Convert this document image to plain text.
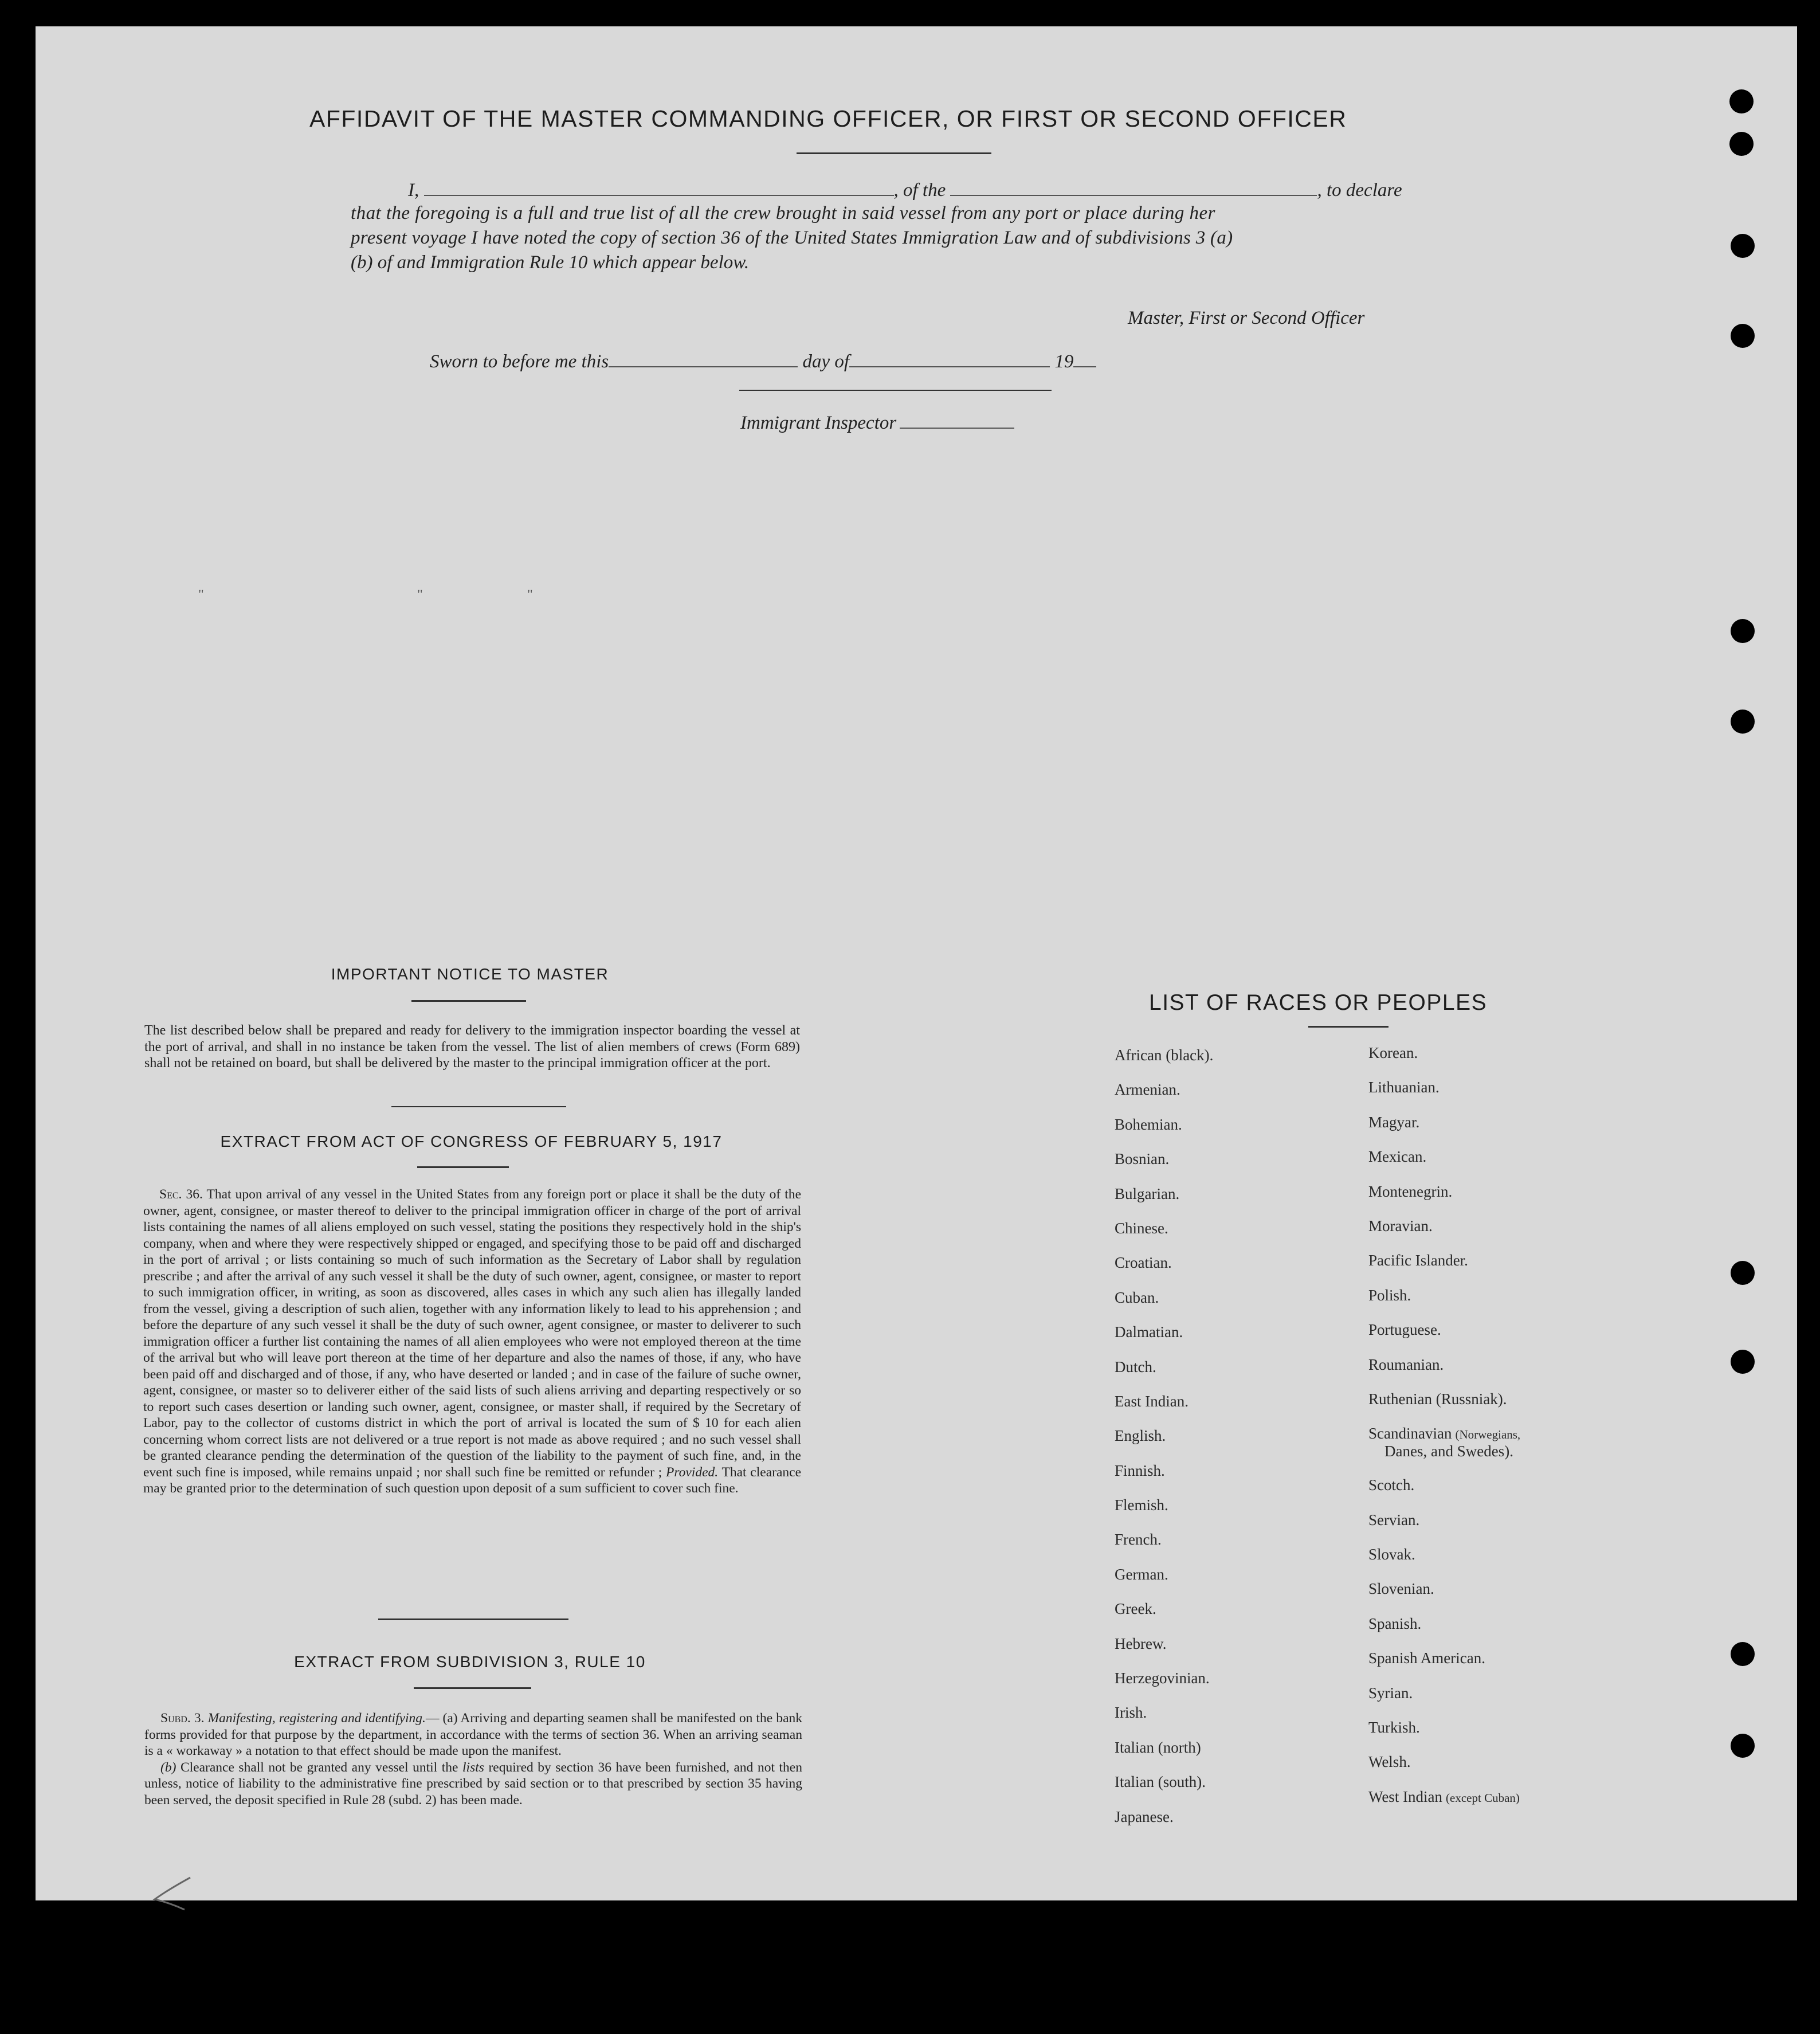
AFFIDAVIT OF THE MASTER COMMANDING OFFICER, OR FIRST OR SECOND OFFICER
I,	, of the	, to declare
that the foregoing is a full and true list of all the crew brought in said vessel from any port or place during her
present voyage I have noted the copy of section 36 of the United States Immigration Law and of subdivisions 3 (a)
(b) of and Immigration Rule 10 which appear below.
Master, First or Second Officer
Sworn to before me this	day of	19
Immigrant Inspector
"	"	"
IMPORTANT NOTICE TO MASTER
The list described below shall be prepared and ready for delivery to the immigration inspector boarding the vessel at the port of arrival, and shall in no instance be taken from the vessel. The list of alien members of crews (Form 689) shall not be retained on board, but shall be delivered by the master to the principal immigration officer at the port.
EXTRACT FROM ACT OF CONGRESS OF FEBRUARY 5, 1917
Sec. 36. That upon arrival of any vessel in the United States from any foreign port or place it shall be the duty of the owner, agent, consignee, or master thereof to deliver to the principal immigration officer in charge of the port of arrival lists containing the names of all aliens employed on such vessel, stating the positions they respectively hold in the ship's company, when and where they were respectively shipped or engaged, and specifying those to be paid off and discharged in the port of arrival ; or lists containing so much of such information as the Secretary of Labor shall by regulation prescribe ; and after the arrival of any such vessel it shall be the duty of such owner, agent, consignee, or master to report to such immigration officer, in writing, as soon as discovered, alles cases in which any such alien has illegally landed from the vessel, giving a description of such alien, together with any information likely to lead to his apprehension ; and before the departure of any such vessel it shall be the duty of such owner, agent consignee, or master to deliverer to such immigration officer a further list containing the names of all alien employees who were not employed thereon at the time of the arrival but who will leave port thereon at the time of her departure and also the names of those, if any, who have been paid off and discharged and of those, if any, who have deserted or landed ; and in case of the failure of suche owner, agent, consignee, or master so to deliverer either of the said lists of such aliens arriving and departing respectively or so to report such cases desertion or landing such owner, agent, consignee, or master shall, if required by the Secretary of Labor, pay to the collector of customs district in which the port of arrival is located the sum of $ 10 for each alien concerning whom correct lists are not delivered or a true report is not made as above required ; and no such vessel shall be granted clearance pending the determination of the question of the liability to the payment of such fine, and, in the event such fine is imposed, while remains unpaid ; nor shall such fine be remitted or refunder ; Provided. That clearance may be granted prior to the determination of such question upon deposit of a sum sufficient to cover such fine.
EXTRACT FROM SUBDIVISION 3, RULE 10

Subd. 3. Manifesting, registering and identifying.— (a) Arriving and departing seamen shall be manifested on the bank forms provided for that purpose by the department, in accordance with the terms of section 36. When an arriving seaman is a « workaway » a notation to that effect should be made upon the manifest.

(b) Clearance shall not be granted any vessel until the lists required by section 36 have been furnished, and not then unless, notice of liability to the administrative fine prescribed by said section or to that prescribed by section 35 having been served, the deposit specified in Rule 28 (subd. 2) has been made.

LIST OF RACES OR PEOPLES
African (black).
Armenian.
Bohemian.
Bosnian.
Bulgarian.
Chinese.
Croatian.
Cuban.
Dalmatian.
Dutch.
East Indian.
English.
Finnish.
Flemish.
French.
German.
Greek.
Hebrew.
Herzegovinian.
Irish.
Italian (north)
Italian (south).
Japanese.
Korean.
Lithuanian.
Magyar.
Mexican.
Montenegrin.
Moravian.
Pacific Islander.
Polish.
Portuguese.
Roumanian.
Ruthenian (Russniak).
Scandinavian (Norwegians,
Danes, and Swedes).
Scotch.
Servian.
Slovak.
Slovenian.
Spanish.
Spanish American.
Syrian.
Turkish.
Welsh.
West Indian (except Cuban)
